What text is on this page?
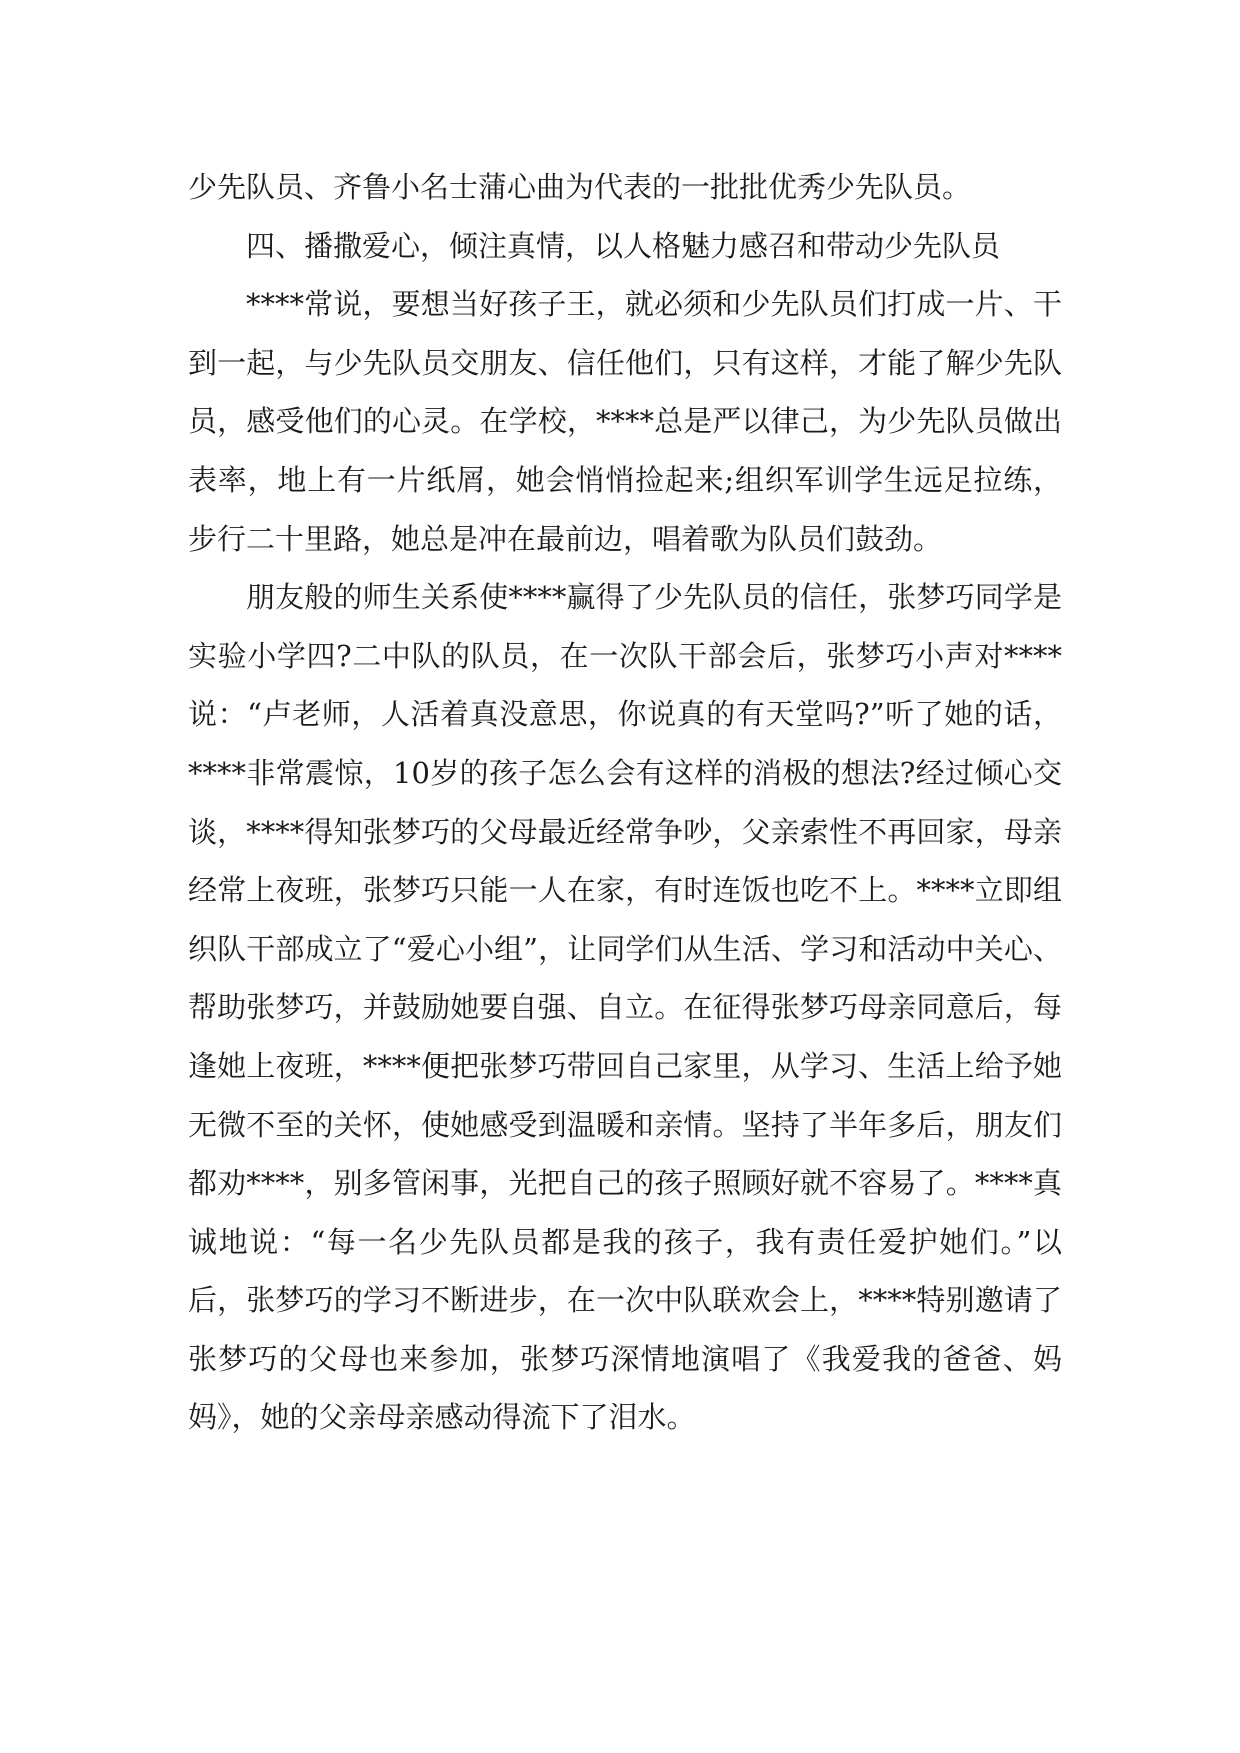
少先队员、齐鲁小名士蒲心曲为代表的一批批优秀少先队员。

四、播撒爱心，倾注真情，以人格魅力感召和带动少先队员

****常说，要想当好孩子王，就必须和少先队员们打成一片、干到一起，与少先队员交朋友、信任他们，只有这样，才能了解少先队员，感受他们的心灵。在学校，****总是严以律己，为少先队员做出表率，地上有一片纸屑，她会悄悄捡起来;组织军训学生远足拉练，步行二十里路，她总是冲在最前边，唱着歌为队员们鼓劲。

朋友般的师生关系使****赢得了少先队员的信任，张梦巧同学是实验小学四?二中队的队员，在一次队干部会后，张梦巧小声对****说：“卢老师，人活着真没意思，你说真的有天堂吗?”听了她的话，****非常震惊，10岁的孩子怎么会有这样的消极的想法?经过倾心交谈，****得知张梦巧的父母最近经常争吵，父亲索性不再回家，母亲经常上夜班，张梦巧只能一人在家，有时连饭也吃不上。****立即组织队干部成立了“爱心小组”，让同学们从生活、学习和活动中关心、帮助张梦巧，并鼓励她要自强、自立。在征得张梦巧母亲同意后，每逢她上夜班，****便把张梦巧带回自己家里，从学习、生活上给予她无微不至的关怀，使她感受到温暖和亲情。坚持了半年多后，朋友们都劝****，别多管闲事，光把自己的孩子照顾好就不容易了。****真诚地说：“每一名少先队员都是我的孩子，我有责任爱护她们。”以后，张梦巧的学习不断进步，在一次中队联欢会上，****特别邀请了张梦巧的父母也来参加，张梦巧深情地演唱了《我爱我的爸爸、妈妈》，她的父亲母亲感动得流下了泪水。
